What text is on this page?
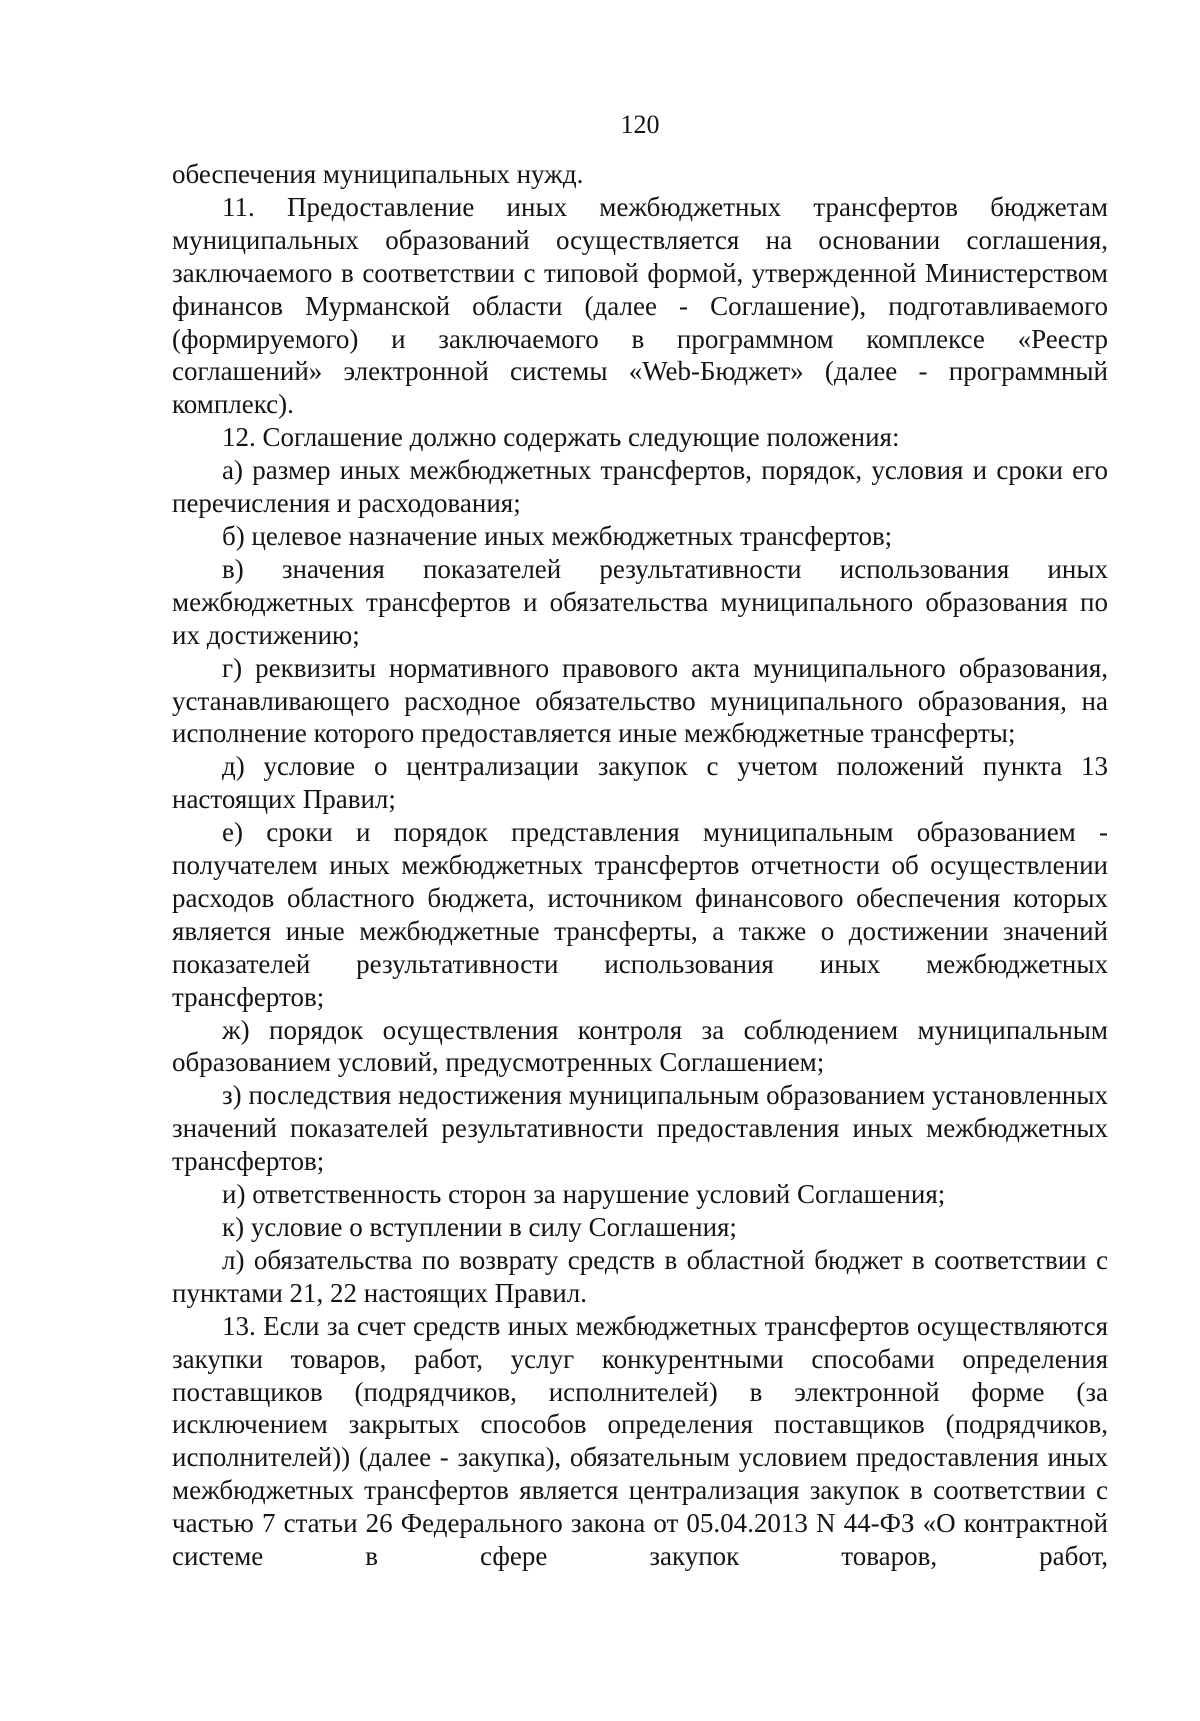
120

обеспечения муниципальных нужд.

11. Предоставление иных межбюджетных трансфертов бюджетам муниципальных образований осуществляется на основании соглашения, заключаемого в соответствии с типовой формой, утвержденной Министерством финансов Мурманской области (далее - Соглашение), подготавливаемого (формируемого) и заключаемого в программном комплексе «Реестр соглашений» электронной системы «Web-Бюджет» (далее - программный комплекс).

12. Соглашение должно содержать следующие положения:

а) размер иных межбюджетных трансфертов, порядок, условия и сроки его перечисления и расходования;

б) целевое назначение иных межбюджетных трансфертов;

в) значения показателей результативности использования иных межбюджетных трансфертов и обязательства муниципального образования по их достижению;

г) реквизиты нормативного правового акта муниципального образования, устанавливающего расходное обязательство муниципального образования, на исполнение которого предоставляется иные межбюджетные трансферты;

д) условие о централизации закупок с учетом положений пункта 13 настоящих Правил;

е) сроки и порядок представления муниципальным образованием - получателем иных межбюджетных трансфертов отчетности об осуществлении расходов областного бюджета, источником финансового обеспечения которых является иные межбюджетные трансферты, а также о достижении значений показателей результативности использования иных межбюджетных трансфертов;

ж) порядок осуществления контроля за соблюдением муниципальным образованием условий, предусмотренных Соглашением;

з) последствия недостижения муниципальным образованием установленных значений показателей результативности предоставления иных межбюджетных трансфертов;

и) ответственность сторон за нарушение условий Соглашения;

к) условие о вступлении в силу Соглашения;

л) обязательства по возврату средств в областной бюджет в соответствии с пунктами 21, 22 настоящих Правил.

13. Если за счет средств иных межбюджетных трансфертов осуществляются закупки товаров, работ, услуг конкурентными способами определения поставщиков (подрядчиков, исполнителей) в электронной форме (за исключением закрытых способов определения поставщиков (подрядчиков, исполнителей)) (далее - закупка), обязательным условием предоставления иных межбюджетных трансфертов является централизация закупок в соответствии с частью 7 статьи 26 Федерального закона от 05.04.2013 N 44-ФЗ «О контрактной системе в сфере закупок товаров, работ,
